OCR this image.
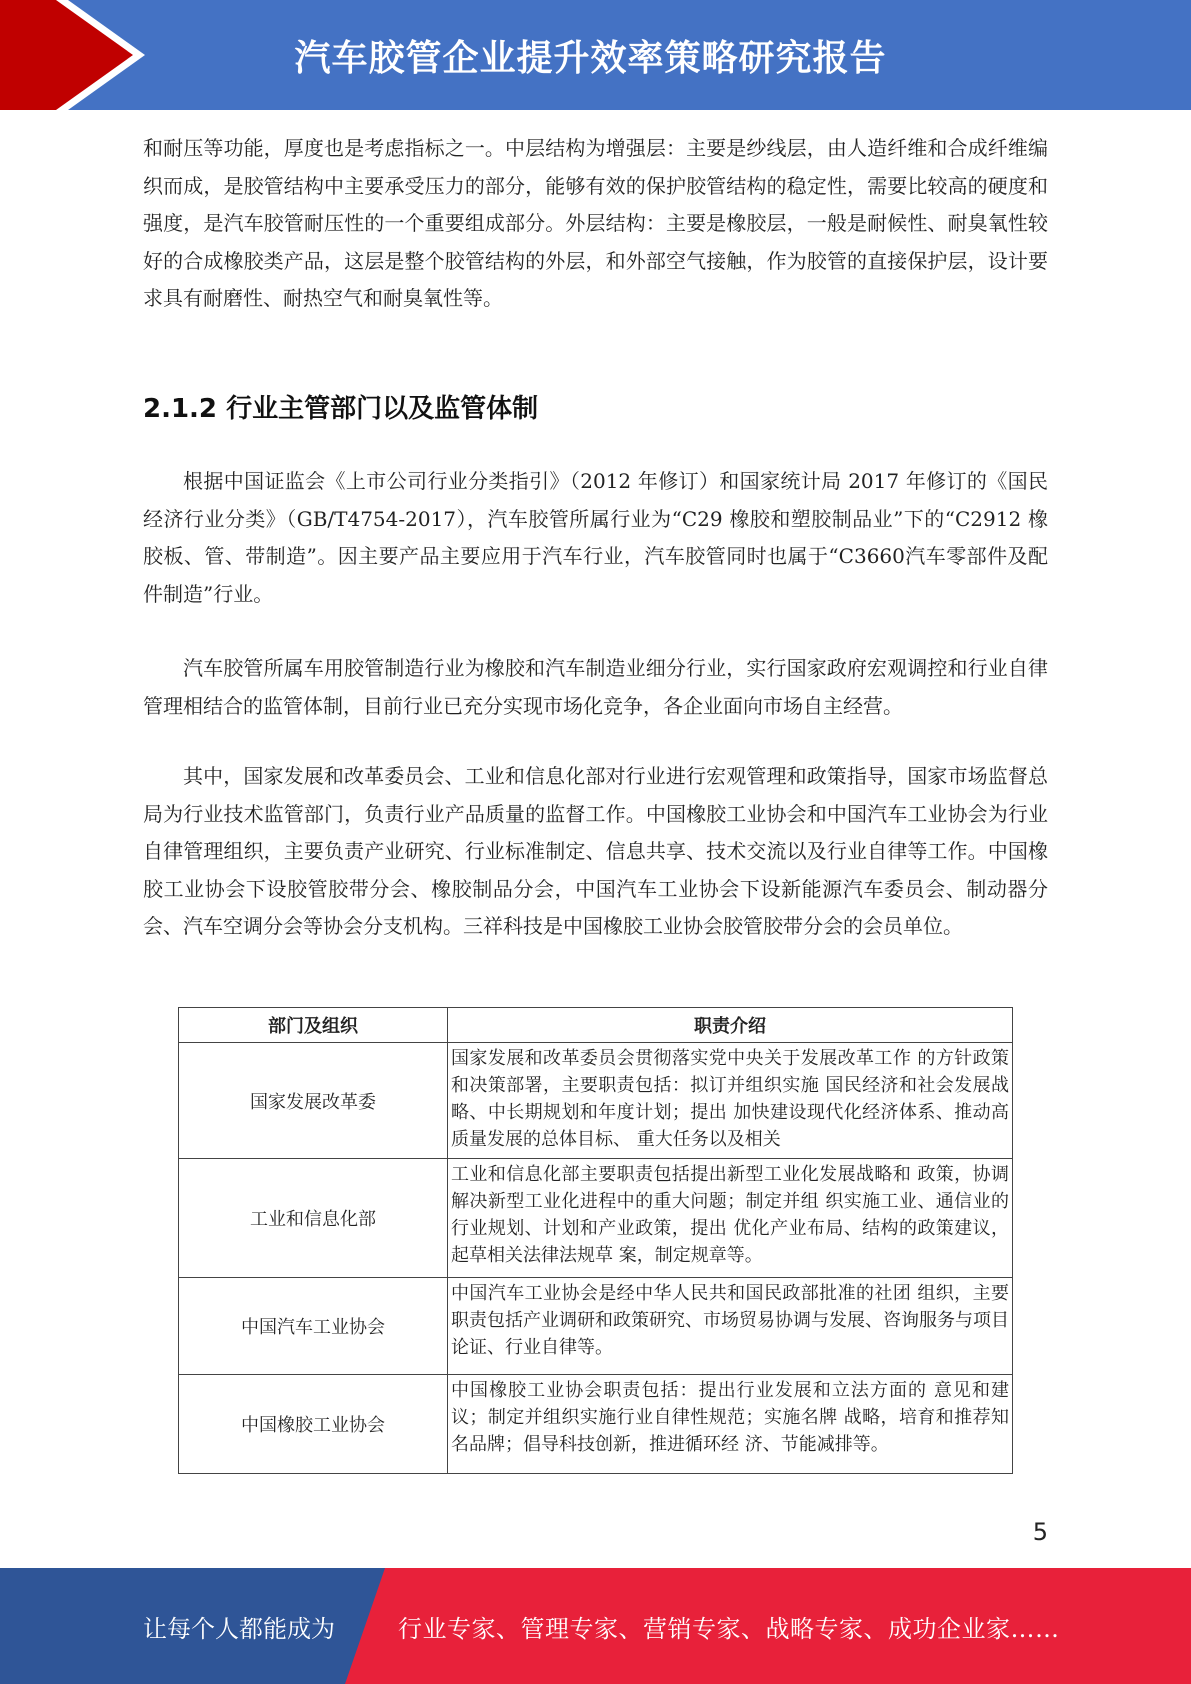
汽车胶管企业提升效率策略研究报告

和耐压等功能，厚度也是考虑指标之一。中层结构为增强层：主要是纱线层，由人造纤维和合成纤维编织而成，是胶管结构中主要承受压力的部分，能够有效的保护胶管结构的稳定性，需要比较高的硬度和强度，是汽车胶管耐压性的一个重要组成部分。外层结构：主要是橡胶层，一般是耐候性、耐臭氧性较好的合成橡胶类产品，这层是整个胶管结构的外层，和外部空气接触，作为胶管的直接保护层，设计要求具有耐磨性、耐热空气和耐臭氧性等。

2.1.2 行业主管部门以及监管体制

根据中国证监会《上市公司行业分类指引》（2012 年修订）和国家统计局 2017 年修订的《国民经济行业分类》（GB/T4754-2017），汽车胶管所属行业为“C29 橡胶和塑胶制品业”下的“C2912 橡胶板、管、带制造”。因主要产品主要应用于汽车行业，汽车胶管同时也属于“C3660汽车零部件及配件制造”行业。

汽车胶管所属车用胶管制造行业为橡胶和汽车制造业细分行业，实行国家政府宏观调控和行业自律管理相结合的监管体制，目前行业已充分实现市场化竞争，各企业面向市场自主经营。

其中，国家发展和改革委员会、工业和信息化部对行业进行宏观管理和政策指导，国家市场监督总局为行业技术监管部门，负责行业产品质量的监督工作。中国橡胶工业协会和中国汽车工业协会为行业自律管理组织，主要负责产业研究、行业标准制定、信息共享、技术交流以及行业自律等工作。中国橡胶工业协会下设胶管胶带分会、橡胶制品分会，中国汽车工业协会下设新能源汽车委员会、制动器分会、汽车空调分会等协会分支机构。三祥科技是中国橡胶工业协会胶管胶带分会的会员单位。

部门及组织	职责介绍
国家发展改革委	国家发展和改革委员会贯彻落实党中央关于发展改革工作 的方针政策和决策部署，主要职责包括：拟订并组织实施 国民经济和社会发展战略、中长期规划和年度计划；提出 加快建设现代化经济体系、推动高质量发展的总体目标、 重大任务以及相关

工业和信息化部	工业和信息化部主要职责包括提出新型工业化发展战略和 政策，协调解决新型工业化进程中的重大问题；制定并组 织实施工业、通信业的行业规划、计划和产业政策，提出 优化产业布局、结构的政策建议，起草相关法律法规草 案，制定规章等。
中国汽车工业协会	中国汽车工业协会是经中华人民共和国民政部批准的社团 组织，主要职责包括产业调研和政策研究、市场贸易协调与发展、咨询服务与项目论证、行业自律等。
中国橡胶工业协会	中国橡胶工业协会职责包括：提出行业发展和立法方面的 意见和建议；制定并组织实施行业自律性规范；实施名牌 战略，培育和推荐知名品牌；倡导科技创新，推进循环经 济、节能减排等。
5
让每个人都能成为	行业专家、管理专家、营销专家、战略专家、成功企业家……
